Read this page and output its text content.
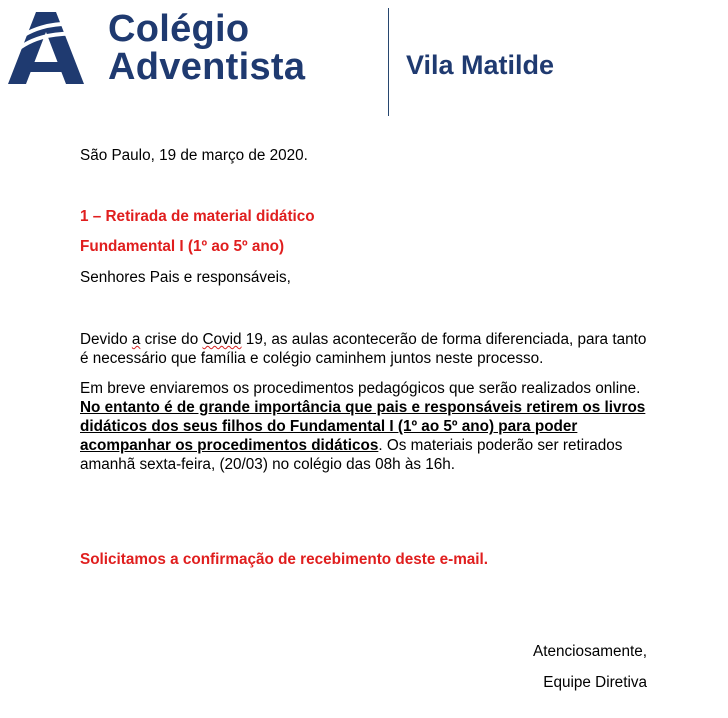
Colégio
Adventista	Vila Matilde

São Paulo, 19 de março de 2020.

1 – Retirada de material didático

Fundamental I (1º ao 5º ano)

Senhores Pais e responsáveis,

Devido a crise do Covid 19, as aulas acontecerão de forma diferenciada, para tanto é necessário que família e colégio caminhem juntos neste processo.

Em breve enviaremos os procedimentos pedagógicos que serão realizados online. No entanto é de grande importância que pais e responsáveis retirem os livros didáticos dos seus filhos do Fundamental I (1º ao 5º ano) para poder acompanhar os procedimentos didáticos. Os materiais poderão ser retirados amanhã sexta-feira, (20/03) no colégio das 08h às 16h.

Solicitamos a confirmação de recebimento deste e-mail.

Atenciosamente,

Equipe Diretiva
